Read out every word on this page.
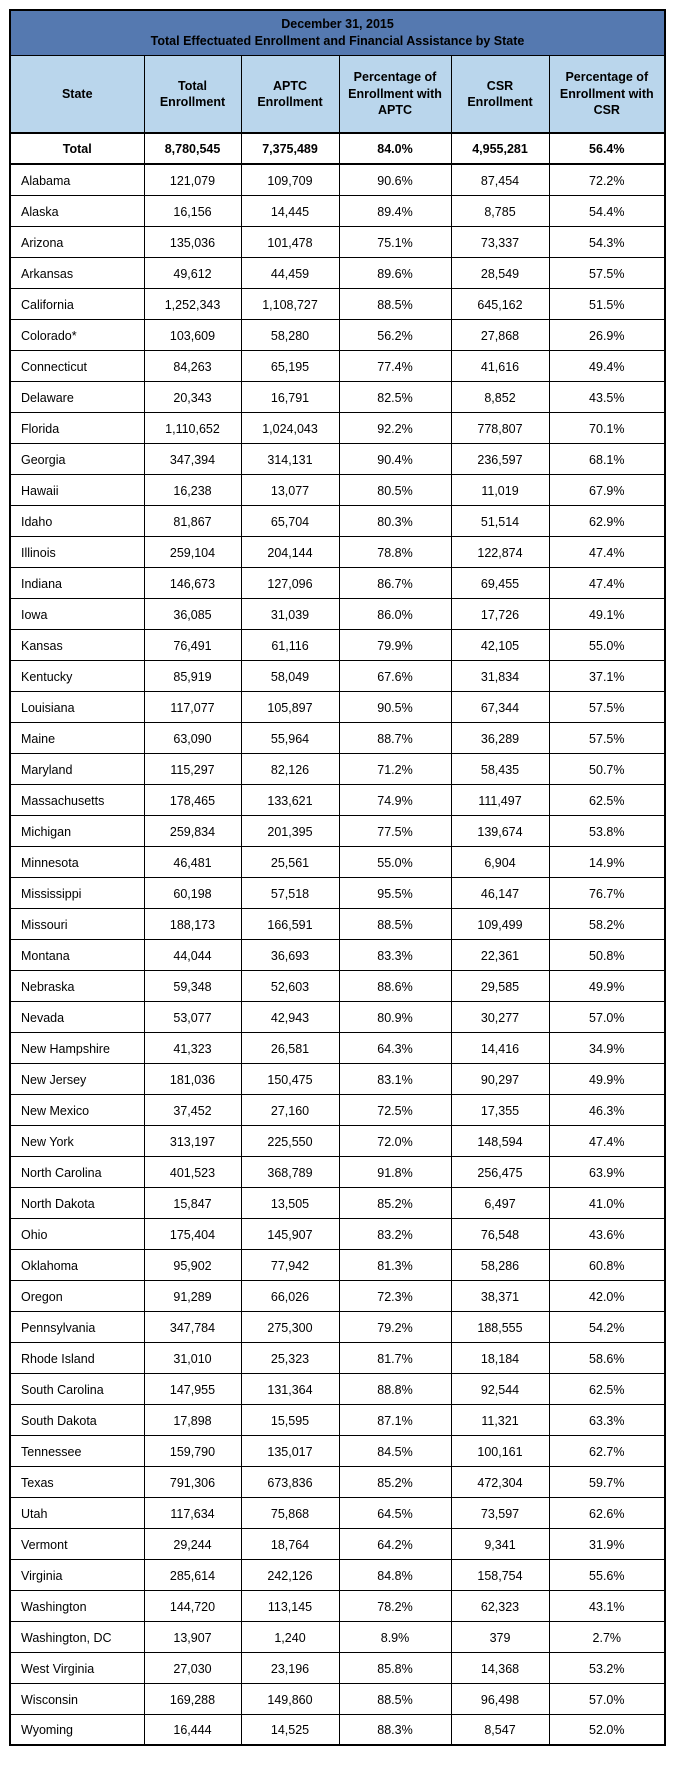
December 31, 2015
Total Effectuated Enrollment and Financial Assistance by State					

State	Total Enrollment	APTC Enrollment	Percentage of Enrollment with APTC	CSR Enrollment	Percentage of Enrollment with CSR
Total	8,780,545	7,375,489	84.0%	4,955,281	56.4%
Alabama	121,079	109,709	90.6%	87,454	72.2%
Alaska	16,156	14,445	89.4%	8,785	54.4%
Arizona	135,036	101,478	75.1%	73,337	54.3%
Arkansas	49,612	44,459	89.6%	28,549	57.5%
California	1,252,343	1,108,727	88.5%	645,162	51.5%
Colorado*	103,609	58,280	56.2%	27,868	26.9%
Connecticut	84,263	65,195	77.4%	41,616	49.4%
Delaware	20,343	16,791	82.5%	8,852	43.5%
Florida	1,110,652	1,024,043	92.2%	778,807	70.1%
Georgia	347,394	314,131	90.4%	236,597	68.1%
Hawaii	16,238	13,077	80.5%	11,019	67.9%
Idaho	81,867	65,704	80.3%	51,514	62.9%
Illinois	259,104	204,144	78.8%	122,874	47.4%
Indiana	146,673	127,096	86.7%	69,455	47.4%
Iowa	36,085	31,039	86.0%	17,726	49.1%
Kansas	76,491	61,116	79.9%	42,105	55.0%
Kentucky	85,919	58,049	67.6%	31,834	37.1%
Louisiana	117,077	105,897	90.5%	67,344	57.5%
Maine	63,090	55,964	88.7%	36,289	57.5%
Maryland	115,297	82,126	71.2%	58,435	50.7%
Massachusetts	178,465	133,621	74.9%	111,497	62.5%
Michigan	259,834	201,395	77.5%	139,674	53.8%
Minnesota	46,481	25,561	55.0%	6,904	14.9%
Mississippi	60,198	57,518	95.5%	46,147	76.7%
Missouri	188,173	166,591	88.5%	109,499	58.2%
Montana	44,044	36,693	83.3%	22,361	50.8%
Nebraska	59,348	52,603	88.6%	29,585	49.9%
Nevada	53,077	42,943	80.9%	30,277	57.0%
New Hampshire	41,323	26,581	64.3%	14,416	34.9%
New Jersey	181,036	150,475	83.1%	90,297	49.9%
New Mexico	37,452	27,160	72.5%	17,355	46.3%
New York	313,197	225,550	72.0%	148,594	47.4%
North Carolina	401,523	368,789	91.8%	256,475	63.9%
North Dakota	15,847	13,505	85.2%	6,497	41.0%
Ohio	175,404	145,907	83.2%	76,548	43.6%
Oklahoma	95,902	77,942	81.3%	58,286	60.8%
Oregon	91,289	66,026	72.3%	38,371	42.0%
Pennsylvania	347,784	275,300	79.2%	188,555	54.2%
Rhode Island	31,010	25,323	81.7%	18,184	58.6%
South Carolina	147,955	131,364	88.8%	92,544	62.5%
South Dakota	17,898	15,595	87.1%	11,321	63.3%
Tennessee	159,790	135,017	84.5%	100,161	62.7%
Texas	791,306	673,836	85.2%	472,304	59.7%
Utah	117,634	75,868	64.5%	73,597	62.6%
Vermont	29,244	18,764	64.2%	9,341	31.9%
Virginia	285,614	242,126	84.8%	158,754	55.6%
Washington	144,720	113,145	78.2%	62,323	43.1%
Washington, DC	13,907	1,240	8.9%	379	2.7%
West Virginia	27,030	23,196	85.8%	14,368	53.2%
Wisconsin	169,288	149,860	88.5%	96,498	57.0%
Wyoming	16,444	14,525	88.3%	8,547	52.0%
